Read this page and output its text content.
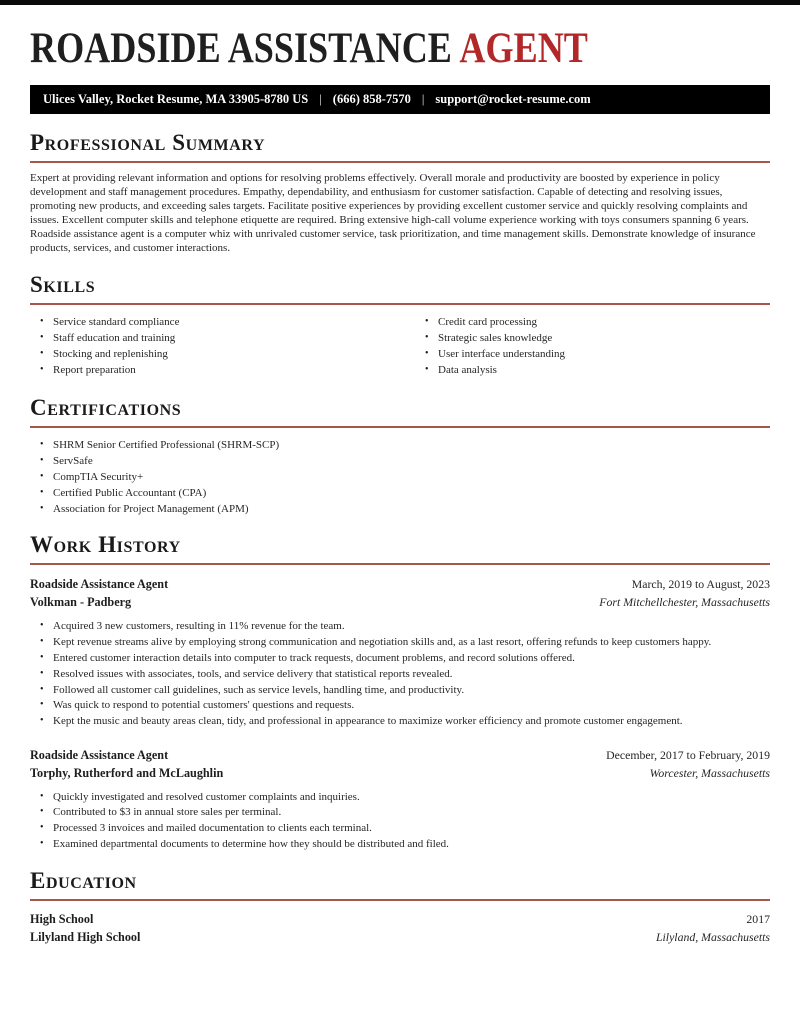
ROADSIDE ASSISTANCE AGENT
Ulices Valley, Rocket Resume, MA 33905-8780 US | (666) 858-7570 | support@rocket-resume.com
Professional Summary

Expert at providing relevant information and options for resolving problems effectively. Overall morale and productivity are boosted by experience in policy development and staff management procedures. Empathy, dependability, and enthusiasm for customer satisfaction. Capable of detecting and resolving issues, promoting new products, and exceeding sales targets. Facilitate positive experiences by providing excellent customer service and quickly resolving complaints and issues. Excellent computer skills and telephone etiquette are required. Bring extensive high-call volume experience working with toys consumers spanning 6 years. Roadside assistance agent is a computer whiz with unrivaled customer service, task prioritization, and time management skills. Demonstrate knowledge of insurance products, services, and customer interactions.

Skills
• Service standard compliance
• Staff education and training
• Stocking and replenishing
• Report preparation
• Credit card processing
• Strategic sales knowledge
• User interface understanding
• Data analysis
Certifications
• SHRM Senior Certified Professional (SHRM-SCP)
• ServSafe
• CompTIA Security+
• Certified Public Accountant (CPA)
• Association for Project Management (APM)
Work History
Roadside Assistance Agent	March, 2019 to August, 2023
Volkman - Padberg	Fort Mitchellchester, Massachusetts
• Acquired 3 new customers, resulting in 11% revenue for the team.
• Kept revenue streams alive by employing strong communication and negotiation skills and, as a last resort, offering refunds to keep customers happy.
• Entered customer interaction details into computer to track requests, document problems, and record solutions offered.
• Resolved issues with associates, tools, and service delivery that statistical reports revealed.
• Followed all customer call guidelines, such as service levels, handling time, and productivity.
• Was quick to respond to potential customers' questions and requests.
• Kept the music and beauty areas clean, tidy, and professional in appearance to maximize worker efficiency and promote customer engagement.
Roadside Assistance Agent	December, 2017 to February, 2019
Torphy, Rutherford and McLaughlin	Worcester, Massachusetts
• Quickly investigated and resolved customer complaints and inquiries.
• Contributed to $3 in annual store sales per terminal.
• Processed 3 invoices and mailed documentation to clients each terminal.
• Examined departmental documents to determine how they should be distributed and filed.
Education
High School	2017
Lilyland High School	Lilyland, Massachusetts
